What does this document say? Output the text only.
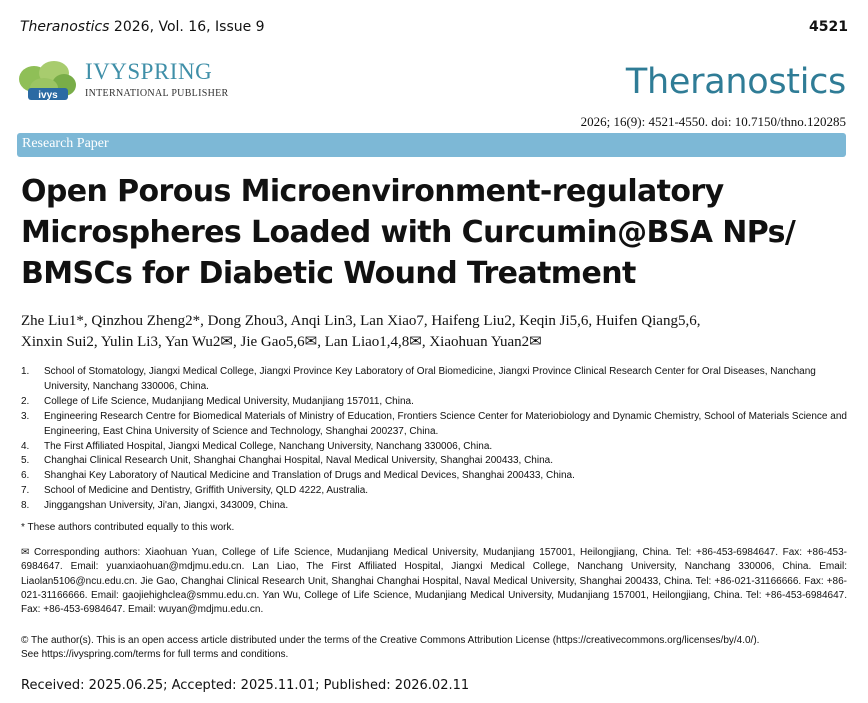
Theranostics 2026, Vol. 16, Issue 9	4521
ivys
IVYSPRING
INTERNATIONAL PUBLISHER	Theranostics
2026; 16(9): 4521-4550. doi: 10.7150/thno.120285
Research Paper
Open Porous Microenvironment-regulatory
Microspheres Loaded with Curcumin@BSA NPs/
BMSCs for Diabetic Wound Treatment
Zhe Liu1*, Qinzhou Zheng2*, Dong Zhou3, Anqi Lin3, Lan Xiao7, Haifeng Liu2, Keqin Ji5,6, Huifen Qiang5,6,
Xinxin Sui2, Yulin Li3, Yan Wu2✉, Jie Gao5,6✉, Lan Liao1,4,8✉, Xiaohuan Yuan2✉
1.	School of Stomatology, Jiangxi Medical College, Jiangxi Province Key Laboratory of Oral Biomedicine, Jiangxi Province Clinical Research Center for Oral Diseases, Nanchang University, Nanchang 330006, China.
2.	College of Life Science, Mudanjiang Medical University, Mudanjiang 157011, China.
3.	Engineering Research Centre for Biomedical Materials of Ministry of Education, Frontiers Science Center for Materiobiology and Dynamic Chemistry, School of Materials Science and Engineering, East China University of Science and Technology, Shanghai 200237, China.
4.	The First Affiliated Hospital, Jiangxi Medical College, Nanchang University, Nanchang 330006, China.
5.	Changhai Clinical Research Unit, Shanghai Changhai Hospital, Naval Medical University, Shanghai 200433, China.
6.	Shanghai Key Laboratory of Nautical Medicine and Translation of Drugs and Medical Devices, Shanghai 200433, China.
7.	School of Medicine and Dentistry, Griffith University, QLD 4222, Australia.
8.	Jinggangshan University, Ji'an, Jiangxi, 343009, China.
* These authors contributed equally to this work.
✉ Corresponding authors: Xiaohuan Yuan, College of Life Science, Mudanjiang Medical University, Mudanjiang 157001, Heilongjiang, China. Tel: +86-453-6984647. Fax: +86-453-6984647. Email: yuanxiaohuan@mdjmu.edu.cn. Lan Liao, The First Affiliated Hospital, Jiangxi Medical College, Nanchang University, Nanchang 330006, China. Email: Liaolan5106@ncu.edu.cn. Jie Gao, Changhai Clinical Research Unit, Shanghai Changhai Hospital, Naval Medical University, Shanghai 200433, China. Tel: +86-021-31166666. Fax: +86-021-31166666. Email: gaojiehighclea@smmu.edu.cn. Yan Wu, College of Life Science, Mudanjiang Medical University, Mudanjiang 157001, Heilongjiang, China. Tel: +86-453-6984647. Fax: +86-453-6984647. Email: wuyan@mdjmu.edu.cn.
© The author(s). This is an open access article distributed under the terms of the Creative Commons Attribution License (https://creativecommons.org/licenses/by/4.0/).
See https://ivyspring.com/terms for full terms and conditions.
Received: 2025.06.25; Accepted: 2025.11.01; Published: 2026.02.11
